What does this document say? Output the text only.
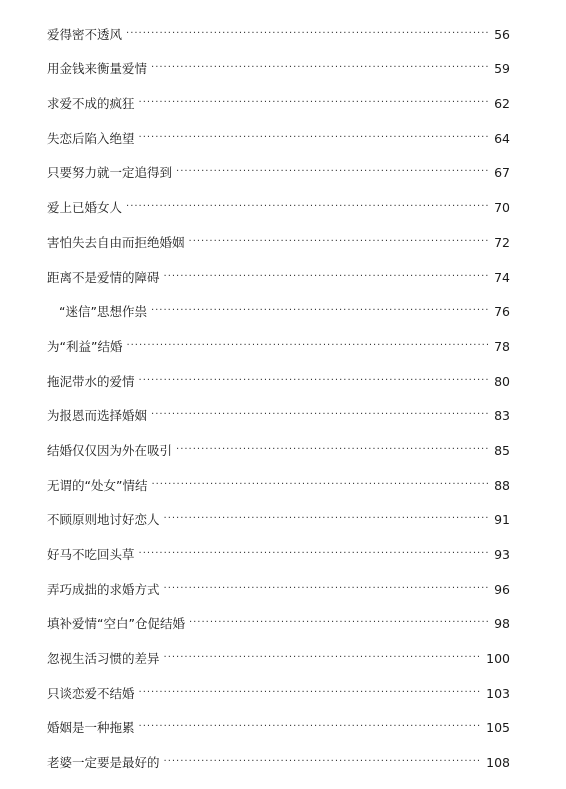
爱得密不透风 ·····	56
用金钱来衡量爱情 ·····	59
求爱不成的疯狂 ·····	62
失恋后陷入绝望 ·····	64
只要努力就一定追得到 ·····	67
爱上已婚女人 ·····	70
害怕失去自由而拒绝婚姻 ·····	72
距离不是爱情的障碍 ·····	74
“迷信”思想作祟 ·····	76
为“利益”结婚 ·····	78
拖泥带水的爱情 ·····	80
为报恩而选择婚姻 ·····	83
结婚仅仅因为外在吸引 ·····	85
无谓的“处女”情结 ·····	88
不顾原则地讨好恋人 ·····	91
好马不吃回头草 ·····	93
弄巧成拙的求婚方式 ·····	96
填补爱情“空白”仓促结婚 ·····	98
忽视生活习惯的差异 ·····	100
只谈恋爱不结婚 ·····	103
婚姻是一种拖累 ·····	105
老婆一定要是最好的 ·····	108
